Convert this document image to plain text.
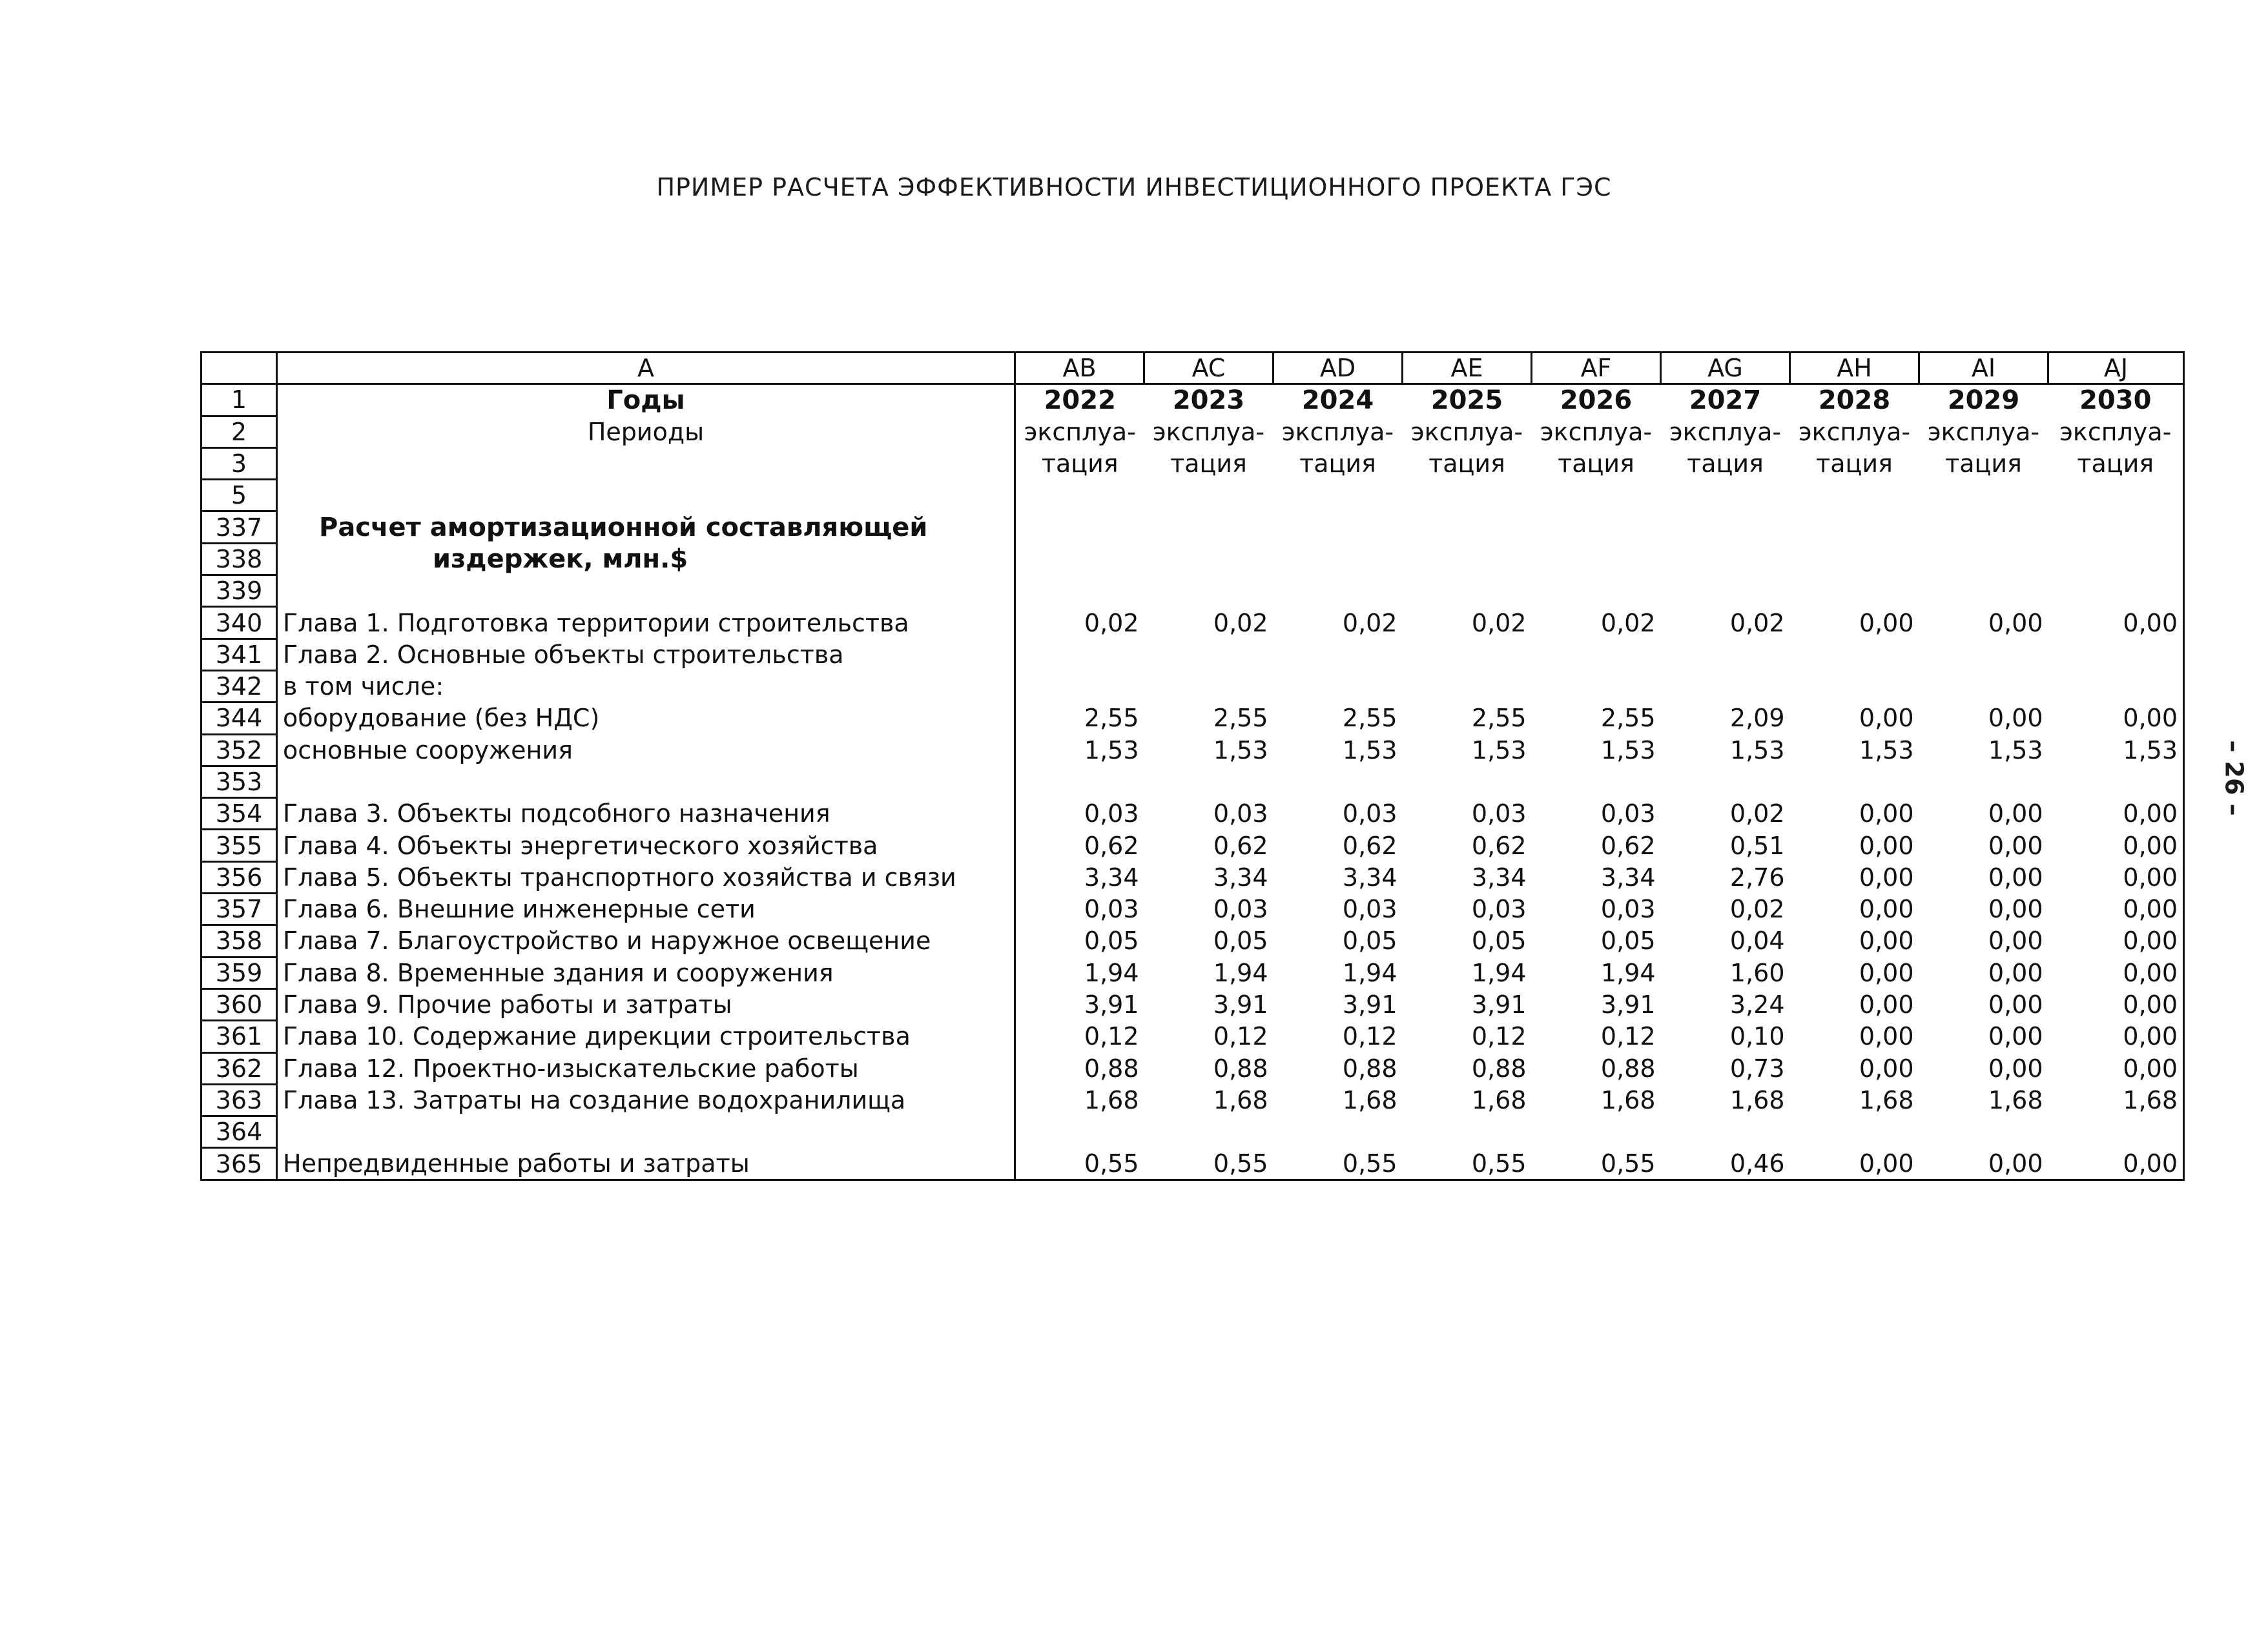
ПРИМЕР РАСЧЕТА ЭФФЕКТИВНОСТИ ИНВЕСТИЦИОННОГО ПРОЕКТА ГЭС
– 26 –
	A	AB	AC	AD	AE	AF	AG	AH	AI	AJ
1	Годы	2022	2023	2024	2025	2026	2027	2028	2029	2030
2	Периоды	эксплуа-	эксплуа-	эксплуа-	эксплуа-	эксплуа-	эксплуа-	эксплуа-	эксплуа-	эксплуа-
3		тация	тация	тация	тация	тация	тация	тация	тация	тация
5										
337	Расчет амортизационной составляющей									
338	издержек, млн.$									
339										
340	Глава 1. Подготовка территории строительства	0,02	0,02	0,02	0,02	0,02	0,02	0,00	0,00	0,00
341	Глава 2. Основные объекты строительства									
342	в том числе:									
344	оборудование (без НДС)	2,55	2,55	2,55	2,55	2,55	2,09	0,00	0,00	0,00
352	основные сооружения	1,53	1,53	1,53	1,53	1,53	1,53	1,53	1,53	1,53
353										
354	Глава 3. Объекты подсобного назначения	0,03	0,03	0,03	0,03	0,03	0,02	0,00	0,00	0,00
355	Глава 4. Объекты энергетического хозяйства	0,62	0,62	0,62	0,62	0,62	0,51	0,00	0,00	0,00
356	Глава 5. Объекты транспортного хозяйства и связи	3,34	3,34	3,34	3,34	3,34	2,76	0,00	0,00	0,00
357	Глава 6. Внешние инженерные сети	0,03	0,03	0,03	0,03	0,03	0,02	0,00	0,00	0,00
358	Глава 7. Благоустройство и наружное освещение	0,05	0,05	0,05	0,05	0,05	0,04	0,00	0,00	0,00
359	Глава 8. Временные здания и сооружения	1,94	1,94	1,94	1,94	1,94	1,60	0,00	0,00	0,00
360	Глава 9. Прочие работы и затраты	3,91	3,91	3,91	3,91	3,91	3,24	0,00	0,00	0,00
361	Глава 10. Содержание дирекции строительства	0,12	0,12	0,12	0,12	0,12	0,10	0,00	0,00	0,00
362	Глава 12. Проектно-изыскательские работы	0,88	0,88	0,88	0,88	0,88	0,73	0,00	0,00	0,00
363	Глава 13. Затраты на создание водохранилища	1,68	1,68	1,68	1,68	1,68	1,68	1,68	1,68	1,68
364										
365	Непредвиденные работы и затраты	0,55	0,55	0,55	0,55	0,55	0,46	0,00	0,00	0,00
